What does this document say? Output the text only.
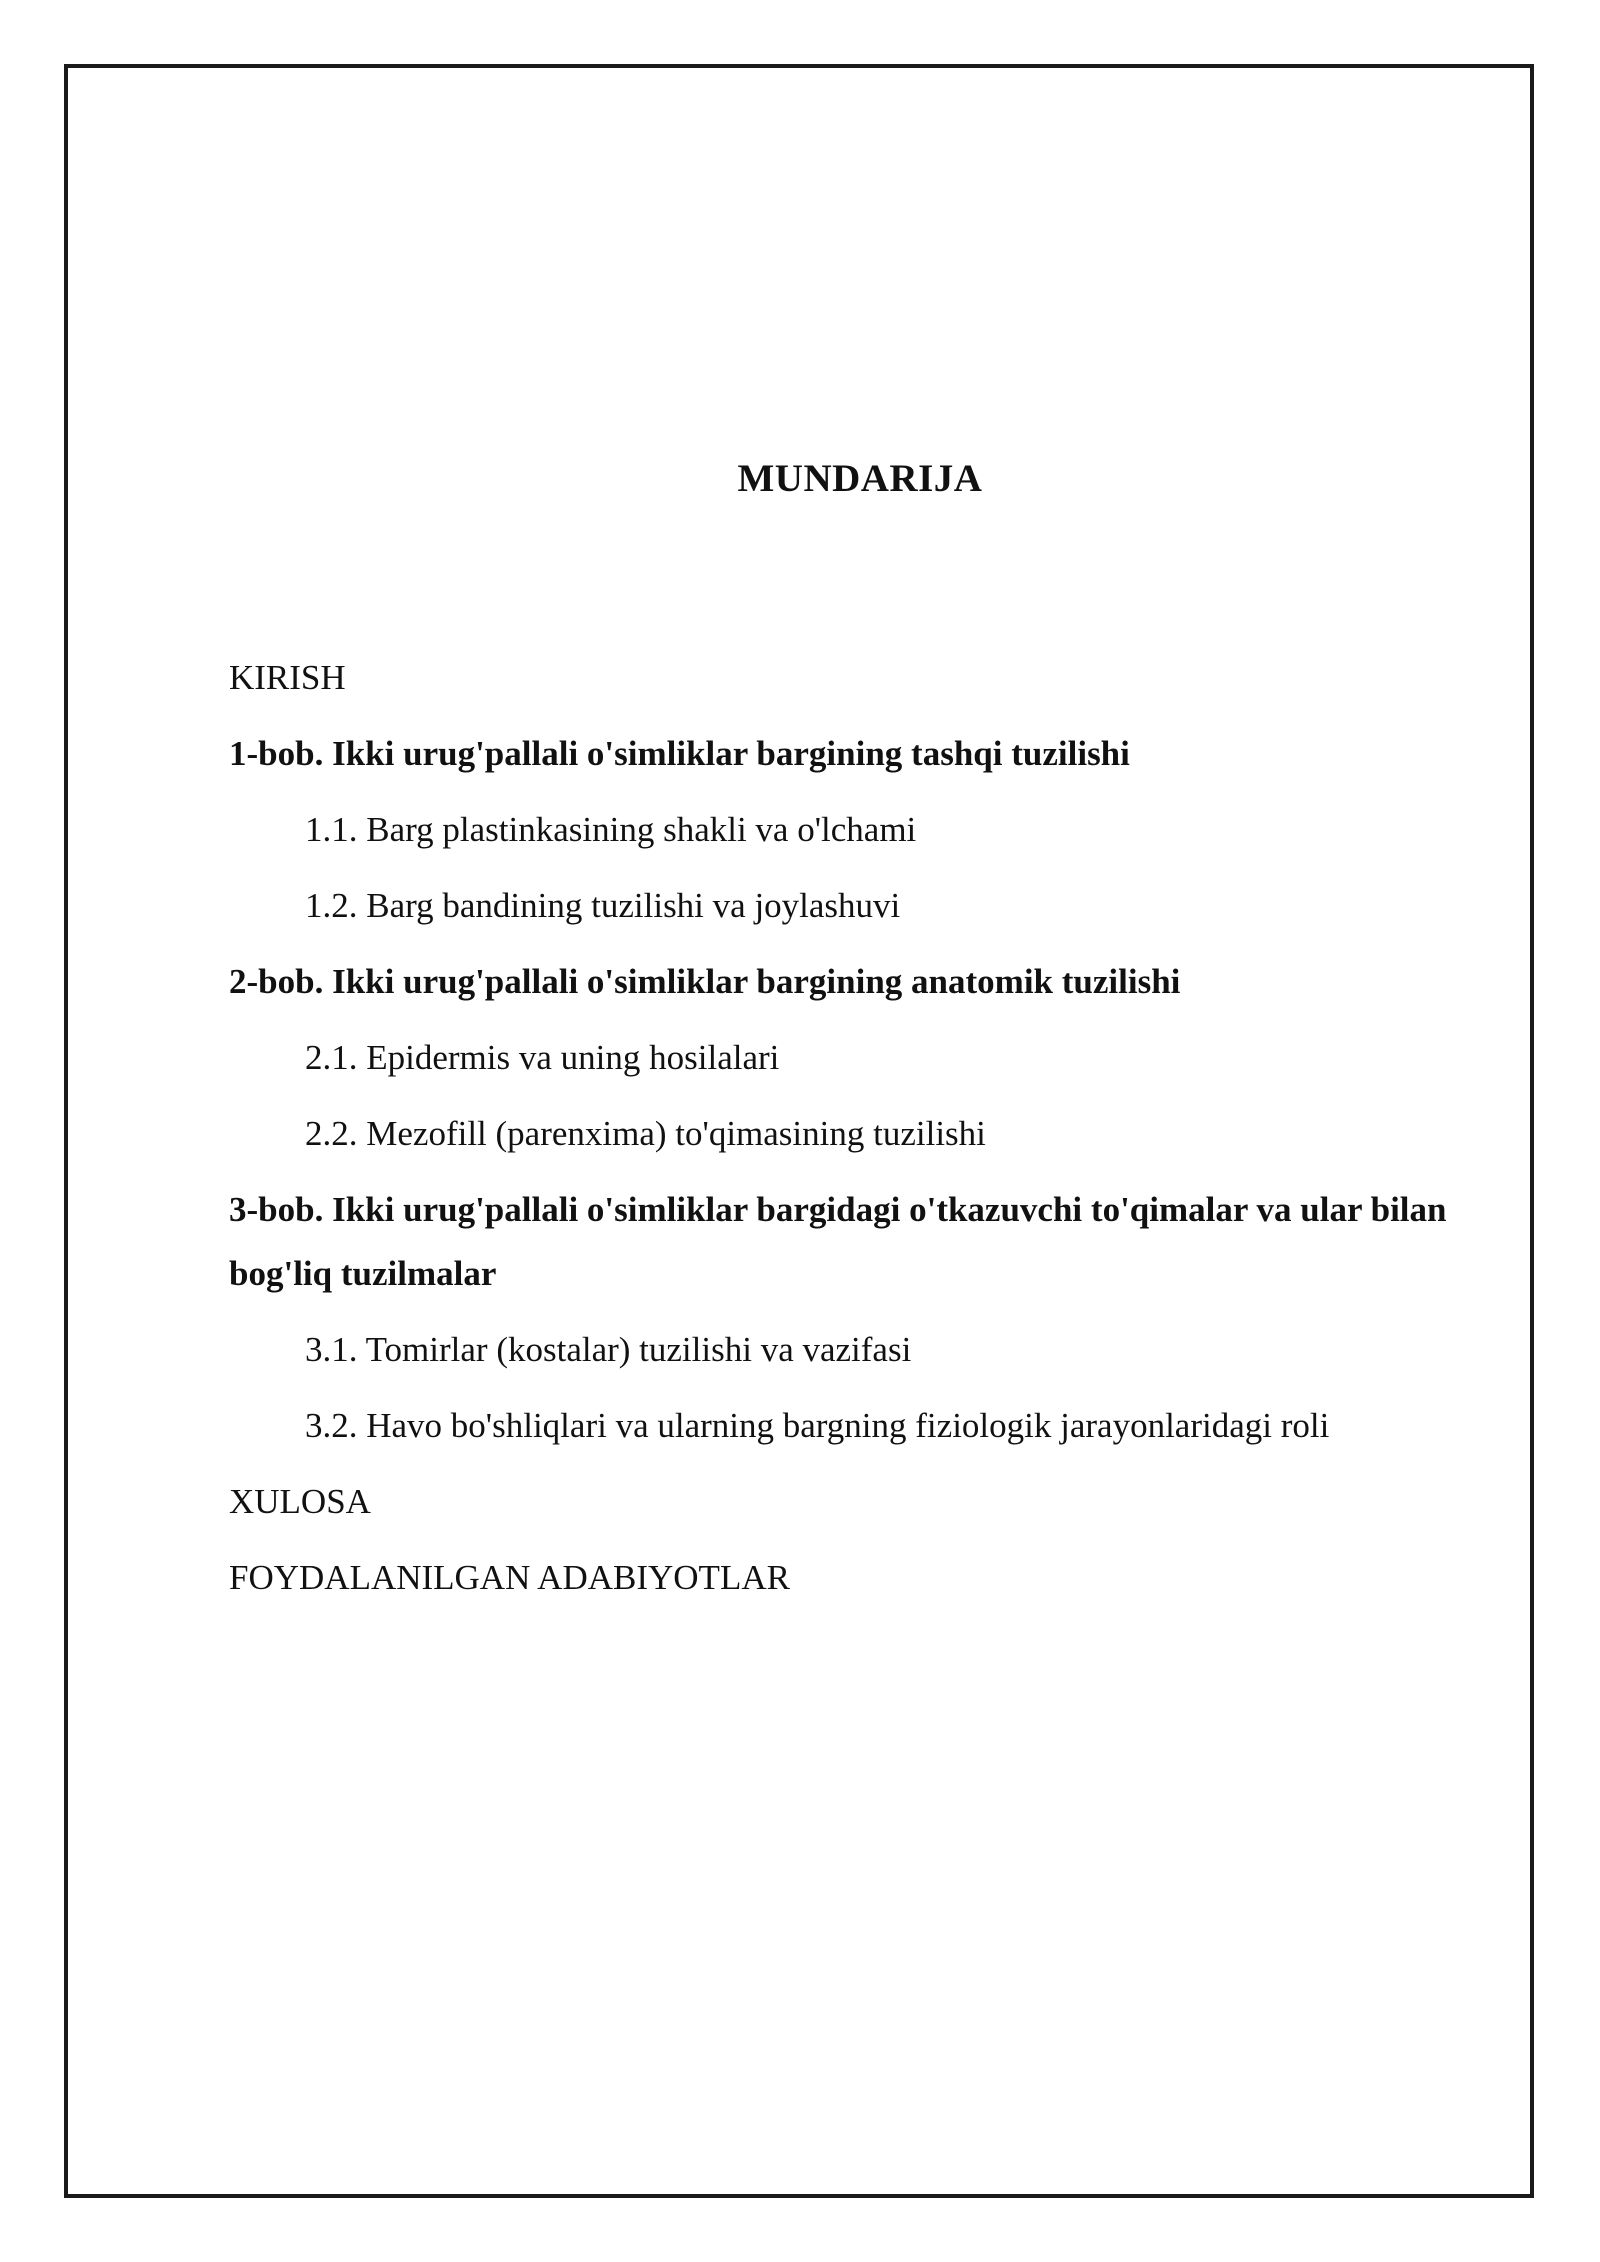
MUNDARIJA
KIRISH
1-bob. Ikki urug'pallali o'simliklar bargining tashqi tuzilishi
1.1. Barg plastinkasining shakli va o'lchami
1.2. Barg bandining tuzilishi va joylashuvi
2-bob. Ikki urug'pallali o'simliklar bargining anatomik tuzilishi
2.1. Epidermis va uning hosilalari
2.2. Mezofill (parenxima) to'qimasining tuzilishi
3-bob. Ikki urug'pallali o'simliklar bargidagi o'tkazuvchi to'qimalar va ular bilan bog'liq tuzilmalar
3.1. Tomirlar (kostalar) tuzilishi va vazifasi
3.2. Havo bo'shliqlari va ularning bargning fiziologik jarayonlaridagi roli
XULOSA
FOYDALANILGAN ADABIYOTLAR
